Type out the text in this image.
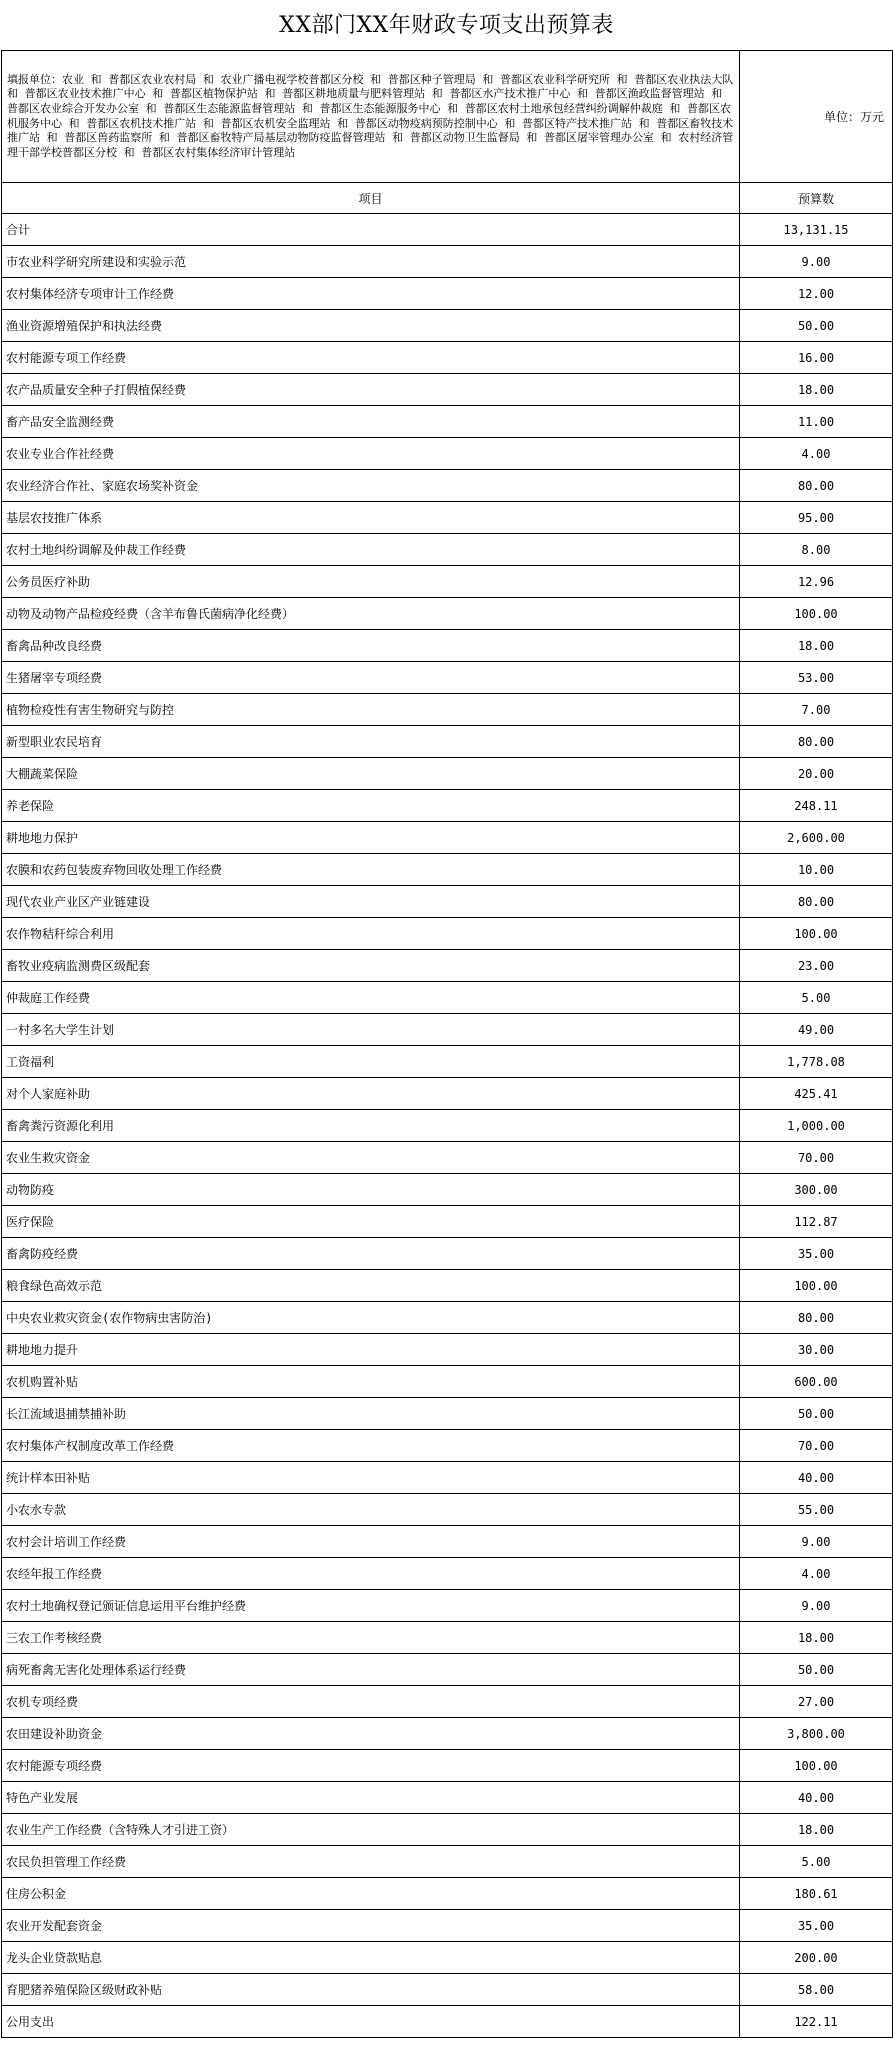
XX部门XX年财政专项支出预算表
填报单位：农业 和 普都区农业农村局 和 农业广播电视学校普都区分校 和 普都区种子管理局 和 普都区农业科学研究所 和 普都区农业执法大队 和 普都区农业技术推广中心 和 普都区植物保护站 和 普都区耕地质量与肥料管理站 和 普都区水产技术推广中心 和 普都区渔政监督管理站 和 普都区农业综合开发办公室 和 普都区生态能源监督管理站 和 普都区生态能源服务中心 和 普都区农村土地承包经营纠纷调解仲裁庭 和 普都区农机服务中心 和 普都区农机技术推广站 和 普都区农机安全监理站 和 普都区动物疫病预防控制中心 和 普都区特产技术推广站 和 普都区畜牧技术推广站 和 普都区兽药监察所 和 普都区畜牧特产局基层动物防疫监督管理站 和 普都区动物卫生监督局 和 普都区屠宰管理办公室 和 农村经济管理干部学校普都区分校 和 普都区农村集体经济审计管理站	单位：万元
项目	预算数
合计	13,131.15
市农业科学研究所建设和实验示范	9.00
农村集体经济专项审计工作经费	12.00
渔业资源增殖保护和执法经费	50.00
农村能源专项工作经费	16.00
农产品质量安全种子打假植保经费	18.00
畜产品安全监测经费	11.00
农业专业合作社经费	4.00
农业经济合作社、家庭农场奖补资金	80.00
基层农技推广体系	95.00
农村土地纠纷调解及仲裁工作经费	8.00
公务员医疗补助	12.96
动物及动物产品检疫经费（含羊布鲁氏菌病净化经费）	100.00
畜禽品种改良经费	18.00
生猪屠宰专项经费	53.00
植物检疫性有害生物研究与防控	7.00
新型职业农民培育	80.00
大棚蔬菜保险	20.00
养老保险	248.11
耕地地力保护	2,600.00
农膜和农药包装废弃物回收处理工作经费	10.00
现代农业产业区产业链建设	80.00
农作物秸秆综合利用	100.00
畜牧业疫病监测费区级配套	23.00
仲裁庭工作经费	5.00
一村多名大学生计划	49.00
工资福利	1,778.08
对个人家庭补助	425.41
畜禽粪污资源化利用	1,000.00
农业生救灾资金	70.00
动物防疫	300.00
医疗保险	112.87
畜禽防疫经费	35.00
粮食绿色高效示范	100.00
中央农业救灾资金(农作物病虫害防治)	80.00
耕地地力提升	30.00
农机购置补贴	600.00
长江流域退捕禁捕补助	50.00
农村集体产权制度改革工作经费	70.00
统计样本田补贴	40.00
小农水专款	55.00
农村会计培训工作经费	9.00
农经年报工作经费	4.00
农村土地确权登记颁证信息运用平台维护经费	9.00
三农工作考核经费	18.00
病死畜禽无害化处理体系运行经费	50.00
农机专项经费	27.00
农田建设补助资金	3,800.00
农村能源专项经费	100.00
特色产业发展	40.00
农业生产工作经费（含特殊人才引进工资）	18.00
农民负担管理工作经费	5.00
住房公积金	180.61
农业开发配套资金	35.00
龙头企业贷款贴息	200.00
育肥猪养殖保险区级财政补贴	58.00
公用支出	122.11
